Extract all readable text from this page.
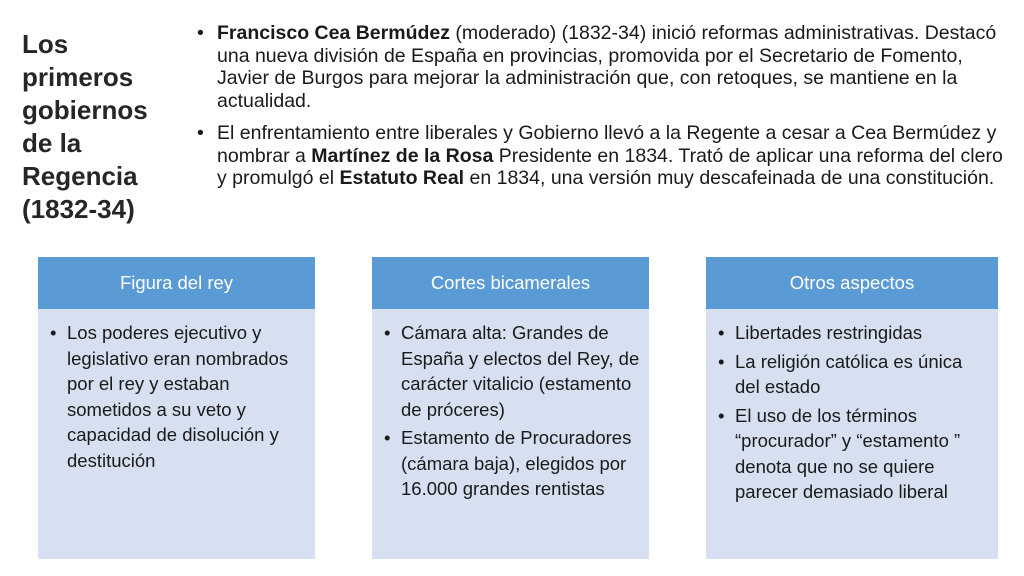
Los
primeros
gobiernos
de la
Regencia
(1832-34)
• Francisco Cea Bermúdez (moderado) (1832-34) inició reformas administrativas. Destacó una nueva división de España en provincias, promovida por el Secretario de Fomento, Javier de Burgos para mejorar la administración que, con retoques, se mantiene en la actualidad.
• El enfrentamiento entre liberales y Gobierno llevó a la Regente a cesar a Cea Bermúdez y nombrar a Martínez de la Rosa Presidente en 1834. Trató de aplicar una reforma del clero y promulgó el Estatuto Real en 1834, una versión muy descafeinada de una constitución.
Figura del rey
• Los poderes ejecutivo y legislativo eran nombrados por el rey y estaban sometidos a su veto y capacidad de disolución y destitución
Cortes bicamerales
• Cámara alta: Grandes de España y electos del Rey, de carácter vitalicio (estamento de próceres)
• Estamento de Procuradores (cámara baja), elegidos por 16.000 grandes rentistas
Otros aspectos
• Libertades restringidas
• La religión católica es única del estado
• El uso de los términos “procurador” y “estamento ” denota que no se quiere parecer demasiado liberal
